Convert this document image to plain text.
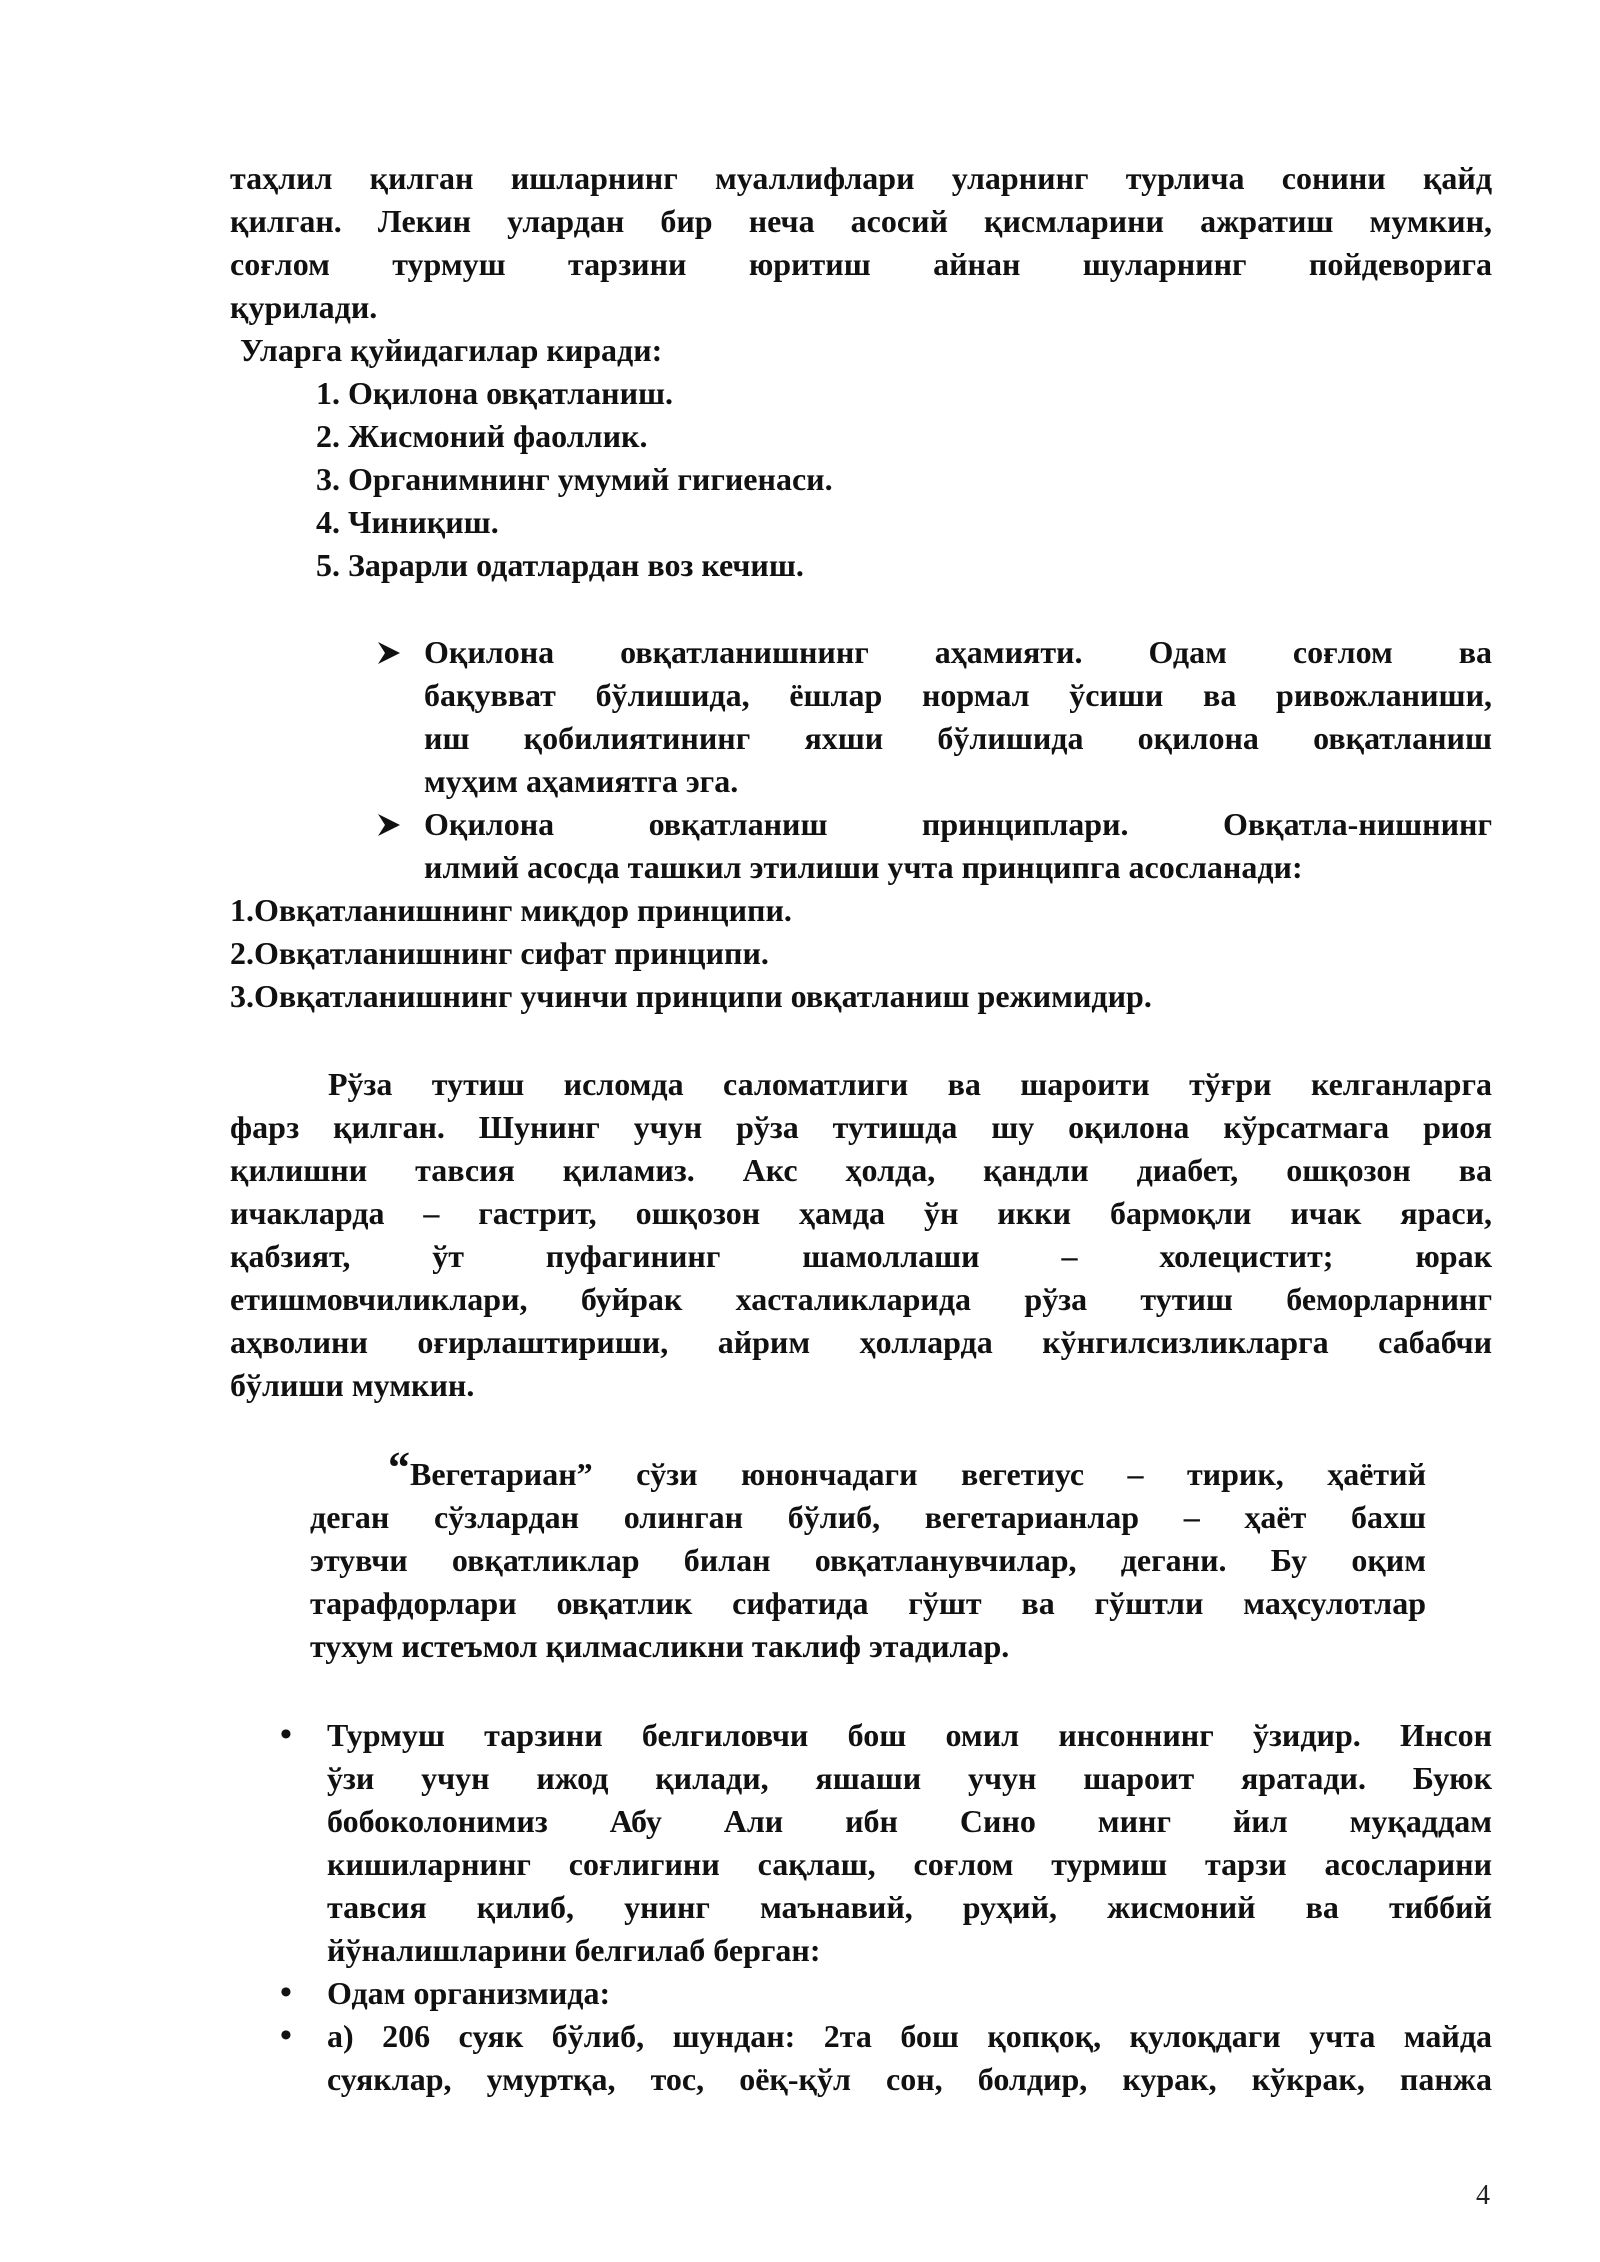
таҳлил қилган ишларнинг муаллифлари уларнинг турлича сонини қайд
қилган. Лекин улардан бир неча асосий қисмларини ажратиш мумкин,
соғлом турмуш тарзини юритиш айнан шуларнинг пойдеворига
қурилади.
Уларга қуйидагилар киради:
1. Оқилона овқатланиш.
2. Жисмоний фаоллик.
3. Органимнинг умумий гигиенаси.
4. Чиниқиш.
5. Зарарли одатлардан воз кечиш.
Оқилона овқатланишнинг аҳамияти. Одам соғлом ва
бақувват бўлишида, ёшлар нормал ўсиши ва ривожланиши,
иш қобилиятининг яхши бўлишида оқилона овқатланиш
муҳим аҳамиятга эга.
Оқилона овқатланиш принциплари. Овқатла-нишнинг
илмий асосда ташкил этилиши учта принципга асосланади:
1.Овқатланишнинг миқдор принципи.
2.Овқатланишнинг сифат принципи.
3.Овқатланишнинг учинчи принципи овқатланиш режимидир.
Рўза тутиш исломда саломатлиги ва шароити тўғри келганларга
фарз қилган. Шунинг учун рўза тутишда шу оқилона кўрсатмага риоя
қилишни тавсия қиламиз. Акс ҳолда, қандли диабет, ошқозон ва
ичакларда – гастрит, ошқозон ҳамда ўн икки бармоқли ичак яраси,
қабзият, ўт пуфагининг шамоллаши – холецистит; юрак
етишмовчиликлари, буйрак хасталикларида рўза тутиш беморларнинг
аҳволини оғирлаштириши, айрим ҳолларда кўнгилсизликларга сабабчи
бўлиши мумкин.
“ Вегетариан” сўзи юнончадаги вегетиус – тирик, ҳаётий
деган сўзлардан олинган бўлиб, вегетарианлар – ҳаёт бахш
этувчи овқатликлар билан овқатланувчилар, дегани. Бу оқим
тарафдорлари овқатлик сифатида гўшт ва гўштли маҳсулотлар
тухум истеъмол қилмасликни таклиф этадилар.
• Турмуш тарзини белгиловчи бош омил инсоннинг ўзидир. Инсон
ўзи учун ижод қилади, яшаши учун шароит яратади. Буюк
бобоколонимиз Абу Али ибн Сино минг йил муқаддам
кишиларнинг соғлигини сақлаш, соғлом турмиш тарзи асосларини
тавсия қилиб, унинг маънавий, руҳий, жисмоний ва тиббий
йўналишларини белгилаб берган:
• Одам организмида:
• а) 206 суяк бўлиб, шундан: 2та бош қопқоқ, қулоқдаги учта майда
суяклар, умуртқа, тос, оёқ-қўл сон, болдир, курак, кўкрак, панжа
4
